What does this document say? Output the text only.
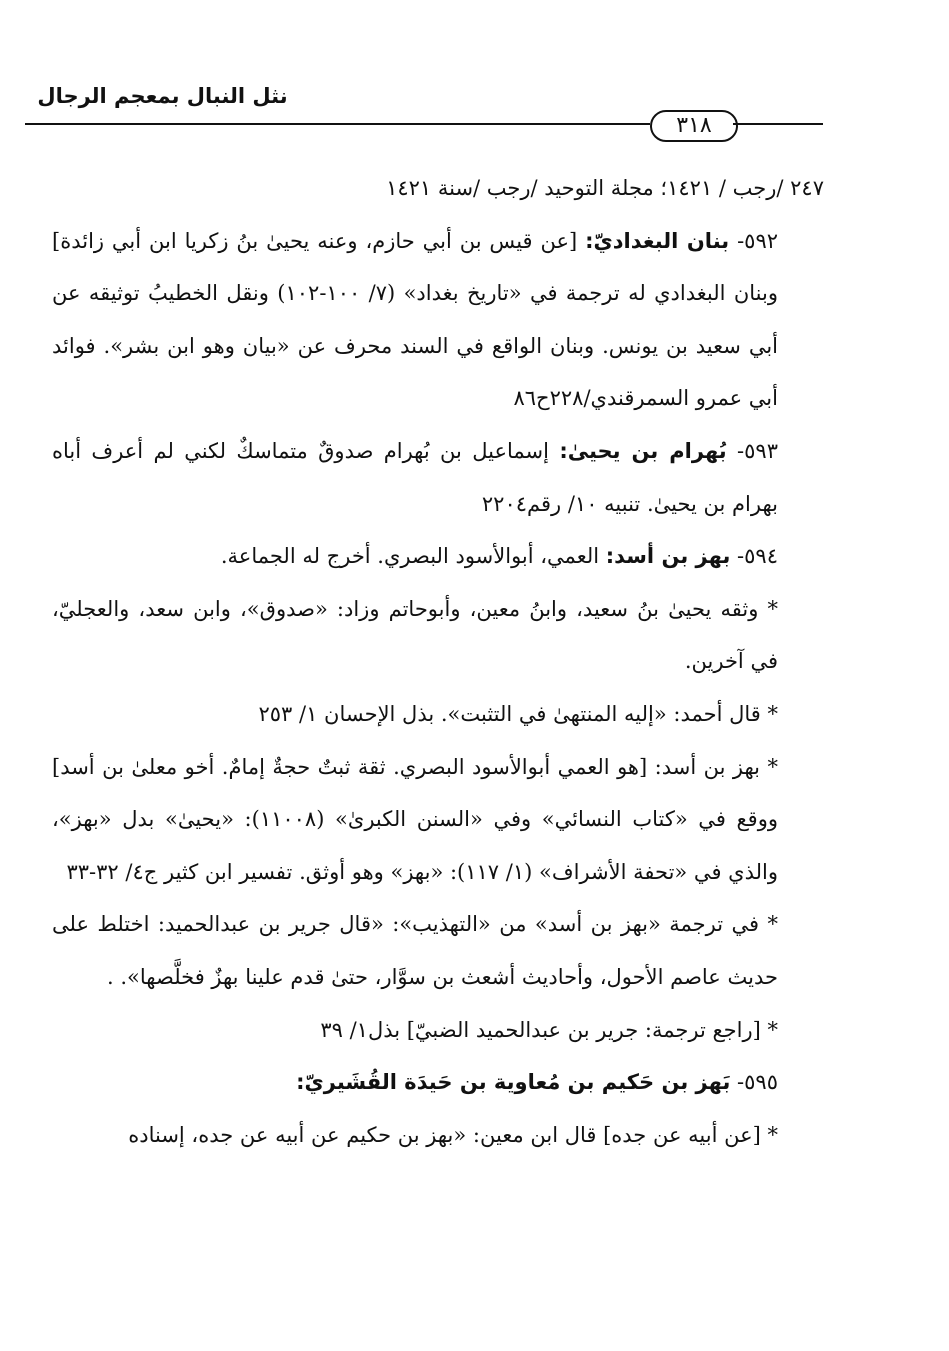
نثل النبال بمعجم الرجال
٣١٨

٢٤٧ /رجب / ١٤٢١؛ مجلة التوحيد /رجب /سنة ١٤٢١

٥٩٢- بنان البغداديّ: [عن قيس بن أبي حازم، وعنه يحيىٰ بنُ زكريا ابن أبي زائدة] وبنان البغدادي له ترجمة في «تاريخ بغداد» (٧/ ١٠٠-١٠٢) ونقل الخطيبُ توثيقه عن أبي سعيد بن يونس. وبنان الواقع في السند محرف عن «بيان وهو ابن بشر». فوائد أبي عمرو السمرقندي/٢٢٨ح٨٦

٥٩٣- بُهرام بن يحيىٰ: إسماعيل بن بُهرام صدوقٌ متماسكٌ لكني لم أعرف أباه بهرام بن يحيىٰ. تنبيه ١٠/ رقم٢٢٠٤

٥٩٤- بهز بن أسد: العمي، أبوالأسود البصري. أخرج له الجماعة.

* وثقه يحيىٰ بنُ سعيد، وابنُ معين، وأبوحاتم وزاد: «صدوق»، وابن سعد، والعجليّ، في آخرين.

* قال أحمد: «إليه المنتهىٰ في التثبت». بذل الإحسان ١/ ٢٥٣

* بهز بن أسد: [هو العمي أبوالأسود البصري. ثقة ثبتٌ حجةٌ إمامٌ. أخو معلىٰ بن أسد] ووقع في «كتاب النسائي» وفي «السنن الكبرىٰ» (١١٠٠٨): «يحيىٰ» بدل «بهز»، والذي في «تحفة الأشراف» (١/ ١١٧): «بهز» وهو أوثق. تفسير ابن كثير ج٤/ ٣٢-٣٣

* في ترجمة «بهز بن أسد» من «التهذيب»: «قال جرير بن عبدالحميد: اختلط على حديث عاصم الأحول، وأحاديث أشعث بن سوَّار، حتىٰ قدم علينا بهزٌ فخلَّصها». .

* [راجع ترجمة: جرير بن عبدالحميد الضبيّ] بذل١/ ٣٩

٥٩٥- بَهز بن حَكيم بن مُعاوية بن حَيدَة القُشَيريّ:

* [عن أبيه عن جده] قال ابن معين: «بهز بن حكيم عن أبيه عن جده، إسناده
